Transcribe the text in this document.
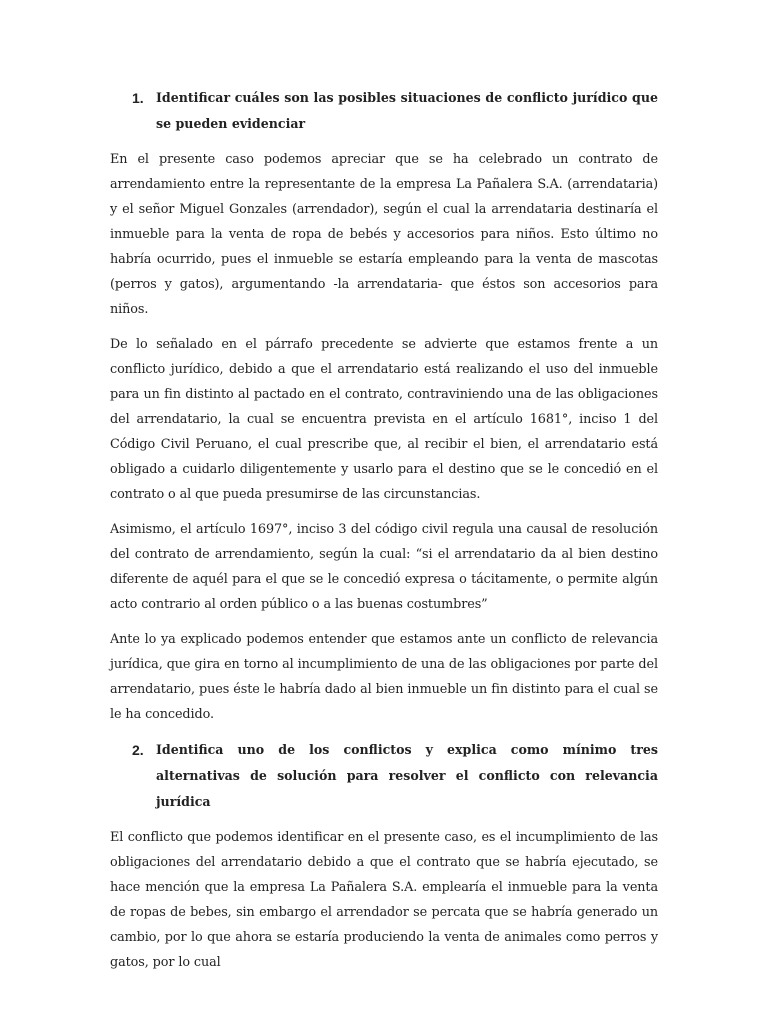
1. Identificar cuáles son las posibles situaciones de conflicto jurídico que se pueden evidenciar

En el presente caso podemos apreciar que se ha celebrado un contrato de arrendamiento entre la representante de la empresa La Pañalera S.A. (arrendataria) y el señor Miguel Gonzales (arrendador), según el cual la arrendataria destinaría el inmueble para la venta de ropa de bebés y accesorios para niños. Esto último no habría ocurrido, pues el inmueble se estaría empleando para la venta de mascotas (perros y gatos), argumentando -la arrendataria- que éstos son accesorios para niños.

De lo señalado en el párrafo precedente se advierte que estamos frente a un conflicto jurídico, debido a que el arrendatario está realizando el uso del inmueble para un fin distinto al pactado en el contrato, contraviniendo una de las obligaciones del arrendatario, la cual se encuentra prevista en el artículo 1681°, inciso 1 del Código Civil Peruano, el cual prescribe que, al recibir el bien, el arrendatario está obligado a cuidarlo diligentemente y usarlo para el destino que se le concedió en el contrato o al que pueda presumirse de las circunstancias.

Asimismo, el artículo 1697°, inciso 3 del código civil regula una causal de resolución del contrato de arrendamiento, según la cual: “si el arrendatario da al bien destino diferente de aquél para el que se le concedió expresa o tácitamente, o permite algún acto contrario al orden público o a las buenas costumbres”

Ante lo ya explicado podemos entender que estamos ante un conflicto de relevancia jurídica, que gira en torno al incumplimiento de una de las obligaciones por parte del arrendatario, pues éste le habría dado al bien inmueble un fin distinto para el cual se le ha concedido.

2. Identifica uno de los conflictos y explica como mínimo tres alternativas de solución para resolver el conflicto con relevancia jurídica

El conflicto que podemos identificar en el presente caso, es el incumplimiento de las obligaciones del arrendatario debido a que el contrato que se habría ejecutado, se hace mención que la empresa La Pañalera S.A. emplearía el inmueble para la venta de ropas de bebes, sin embargo el arrendador se percata que se habría generado un cambio, por lo que ahora se estaría produciendo la venta de animales como perros y gatos, por lo cual
